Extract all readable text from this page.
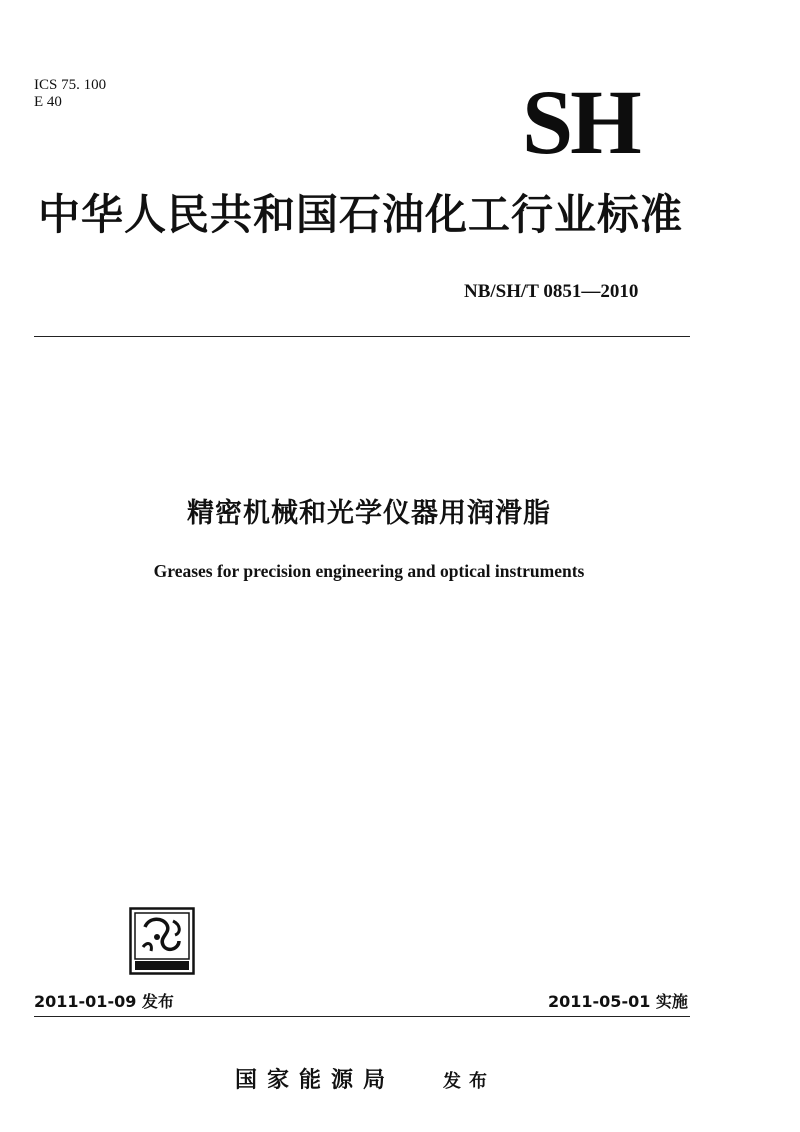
ICS 75. 100
E 40	SH
中华人民共和国石油化工行业标准
NB/SH/T 0851—2010
精密机械和光学仪器用润滑脂
Greases for precision engineering and optical instruments
2011-01-09 发布	2011-05-01 实施
国家能源局	发布
